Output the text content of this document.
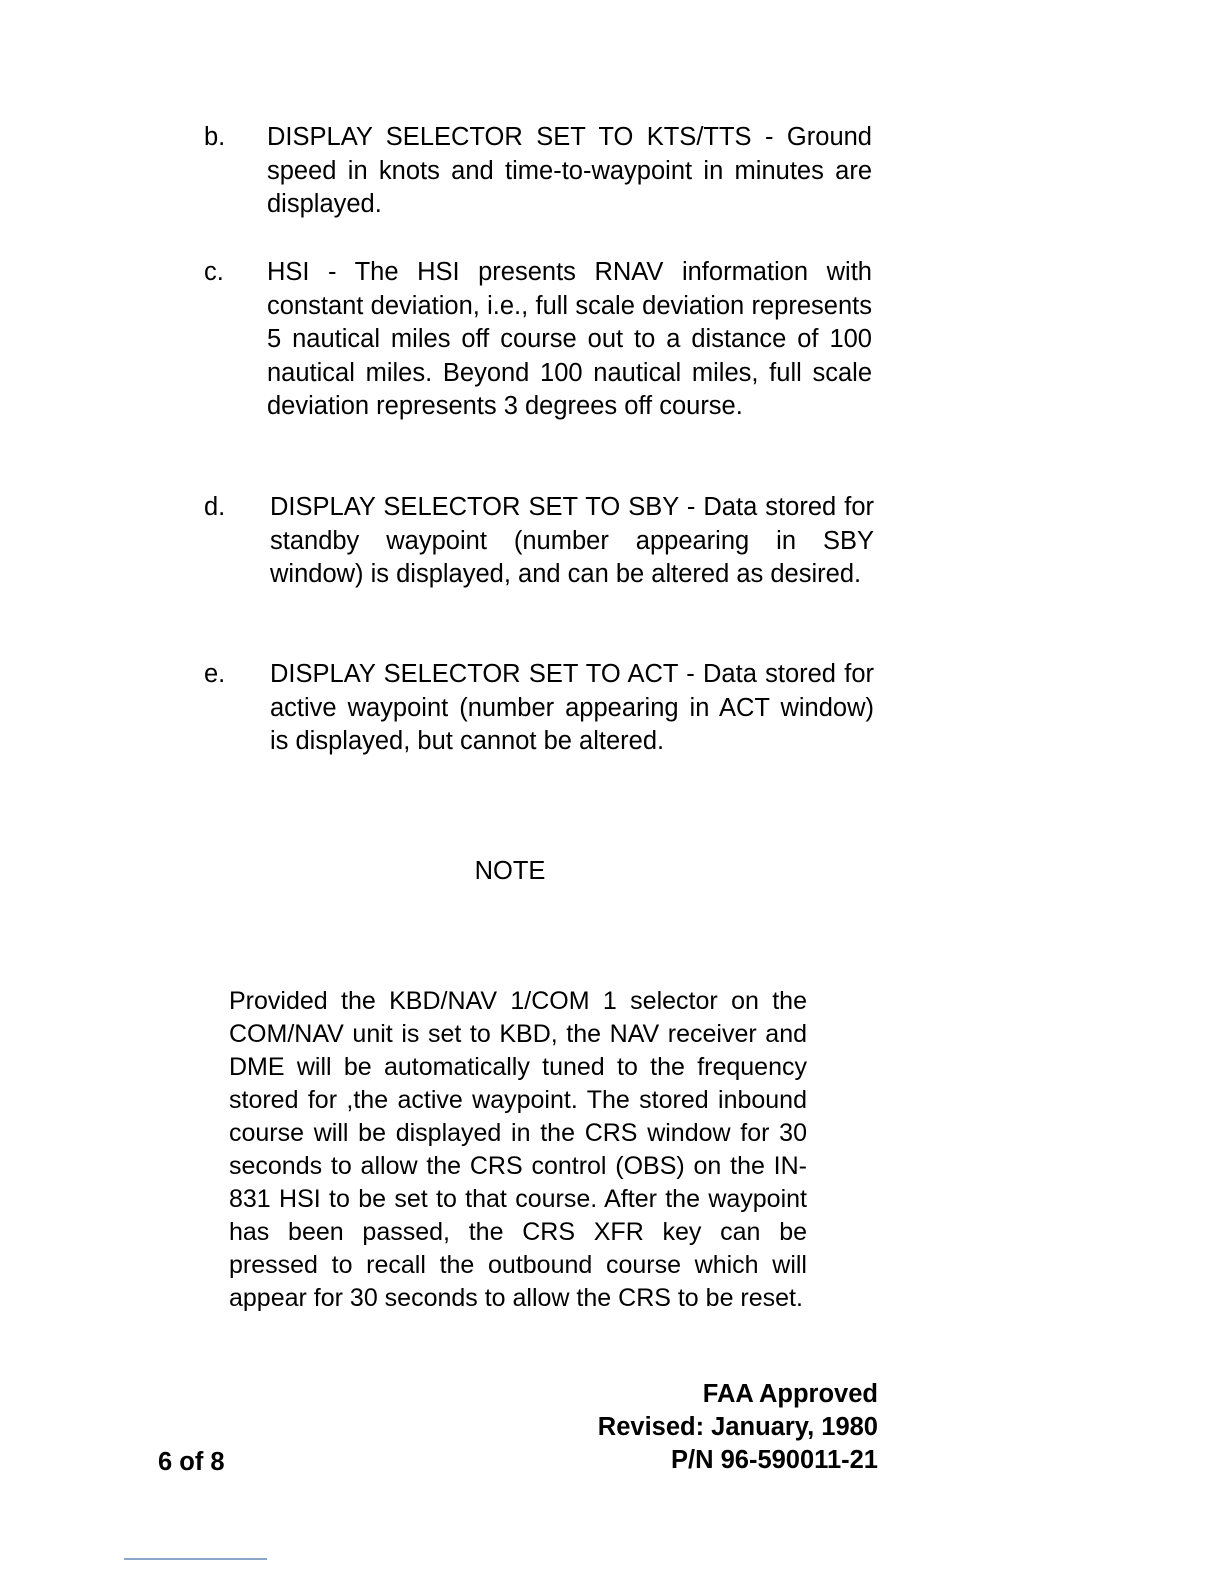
b.	DISPLAY SELECTOR SET TO KTS/TTS - Ground speed in knots and time-to-waypoint in minutes are displayed.
c.	HSI - The HSI presents RNAV information with constant deviation, i.e., full scale deviation represents 5 nautical miles off course out to a distance of 100 nautical miles. Beyond 100 nautical miles, full scale deviation represents 3 degrees off course.
d.	DISPLAY SELECTOR SET TO SBY - Data stored for standby waypoint (number appearing in SBY window) is displayed, and can be altered as desired.
e.	DISPLAY SELECTOR SET TO ACT - Data stored for active waypoint (number appearing in ACT window) is displayed, but cannot be altered.
NOTE
Provided the KBD/NAV 1/COM 1 selector on the COM/NAV unit is set to KBD, the NAV receiver and DME will be automatically tuned to the frequency stored for ,the active waypoint. The stored inbound course will be displayed in the CRS window for 30 seconds to allow the CRS control (OBS) on the IN-831 HSI to be set to that course. After the waypoint has been passed, the CRS XFR key can be pressed to recall the outbound course which will appear for 30 seconds to allow the CRS to be reset.
FAA Approved
Revised: January, 1980
P/N 96-590011-21
6 of 8
